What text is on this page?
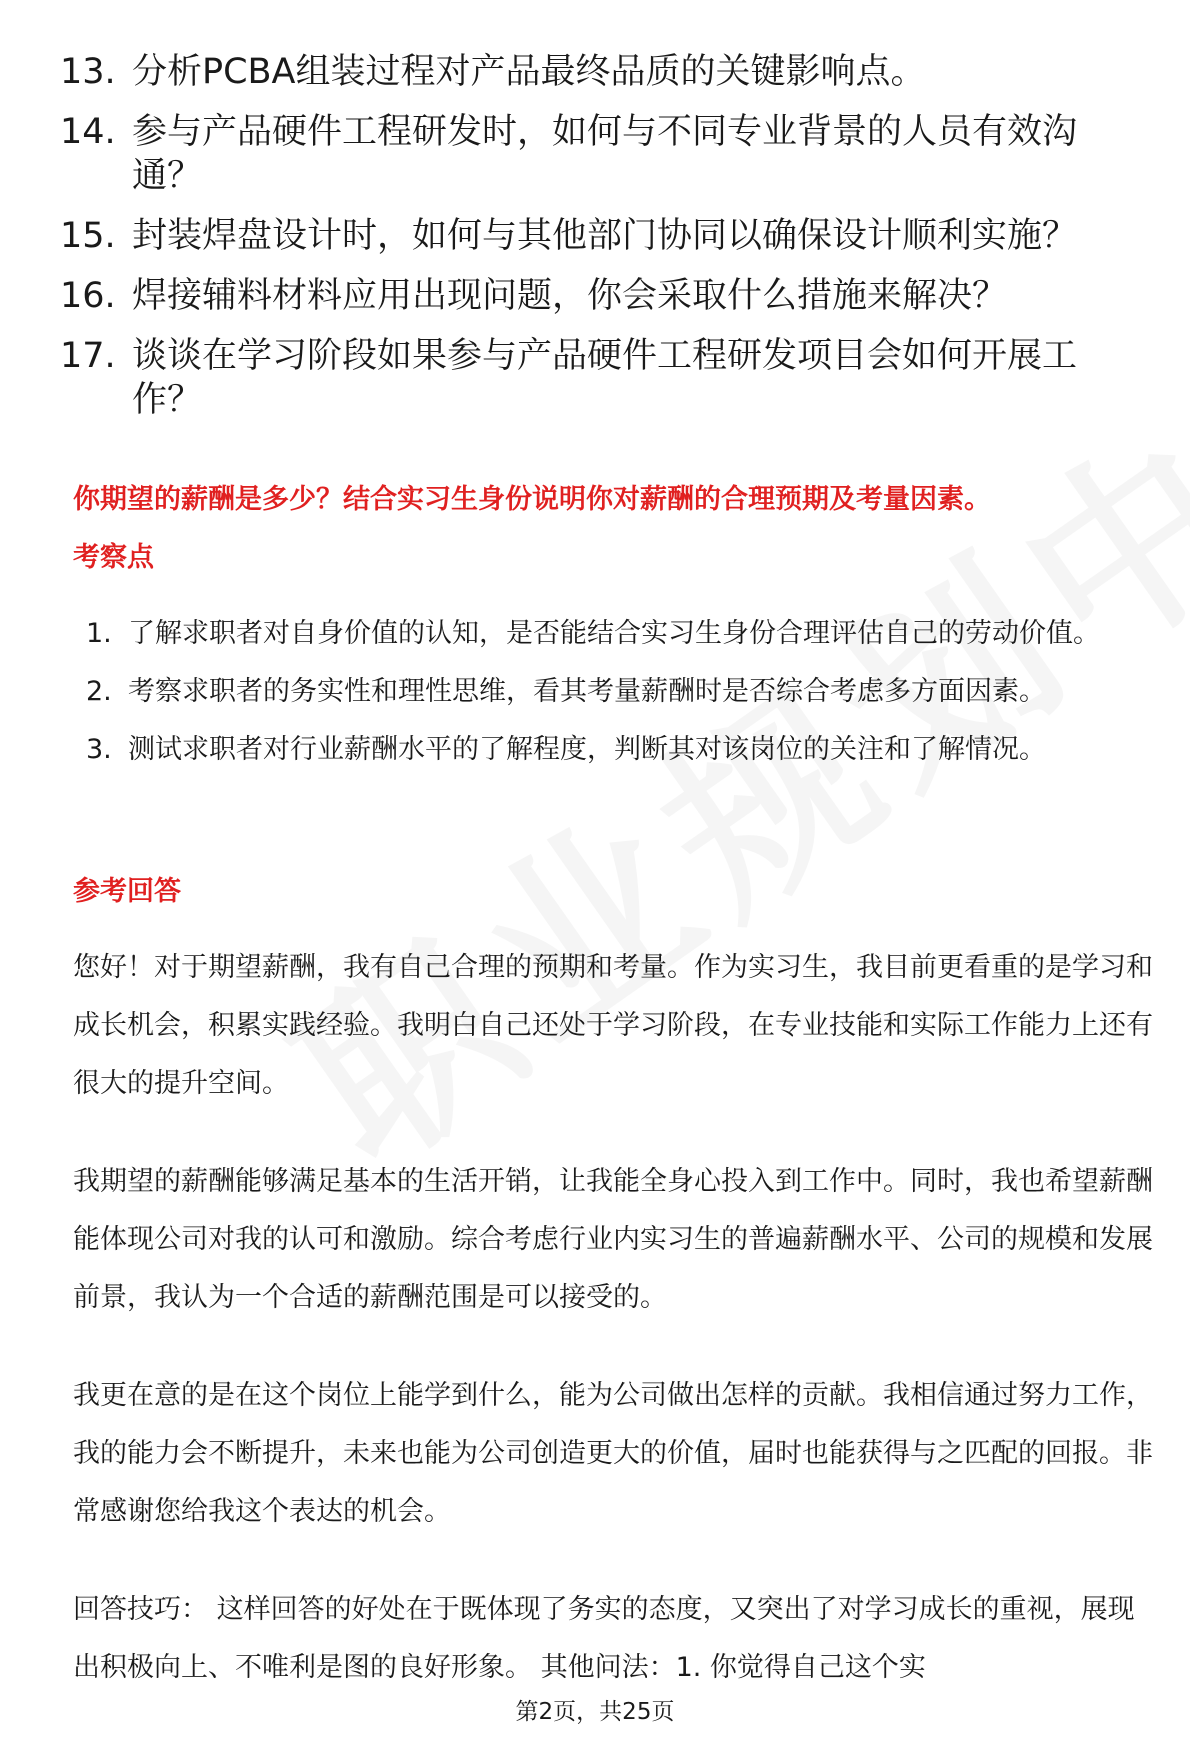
13. 分析PCBA组装过程对产品最终品质的关键影响点。
14. 参与产品硬件工程研发时，如何与不同专业背景的人员有效沟通？
15. 封装焊盘设计时，如何与其他部门协同以确保设计顺利实施？
16. 焊接辅料材料应用出现问题，你会采取什么措施来解决？
17. 谈谈在学习阶段如果参与产品硬件工程研发项目会如何开展工作？
你期望的薪酬是多少？结合实习生身份说明你对薪酬的合理预期及考量因素。
考察点
1. 了解求职者对自身价值的认知，是否能结合实习生身份合理评估自己的劳动价值。
2. 考察求职者的务实性和理性思维，看其考量薪酬时是否综合考虑多方面因素。
3. 测试求职者对行业薪酬水平的了解程度，判断其对该岗位的关注和了解情况。
参考回答
您好！对于期望薪酬，我有自己合理的预期和考量。作为实习生，我目前更看重的是学习和成长机会，积累实践经验。我明白自己还处于学习阶段，在专业技能和实际工作能力上还有很大的提升空间。
我期望的薪酬能够满足基本的生活开销，让我能全身心投入到工作中。同时，我也希望薪酬能体现公司对我的认可和激励。综合考虑行业内实习生的普遍薪酬水平、公司的规模和发展前景，我认为一个合适的薪酬范围是可以接受的。
我更在意的是在这个岗位上能学到什么，能为公司做出怎样的贡献。我相信通过努力工作，我的能力会不断提升，未来也能为公司创造更大的价值，届时也能获得与之匹配的回报。非常感谢您给我这个表达的机会。
回答技巧： 这样回答的好处在于既体现了务实的态度，又突出了对学习成长的重视，展现出积极向上、不唯利是图的良好形象。 其他问法：1. 你觉得自己这个实
第2页，共25页
